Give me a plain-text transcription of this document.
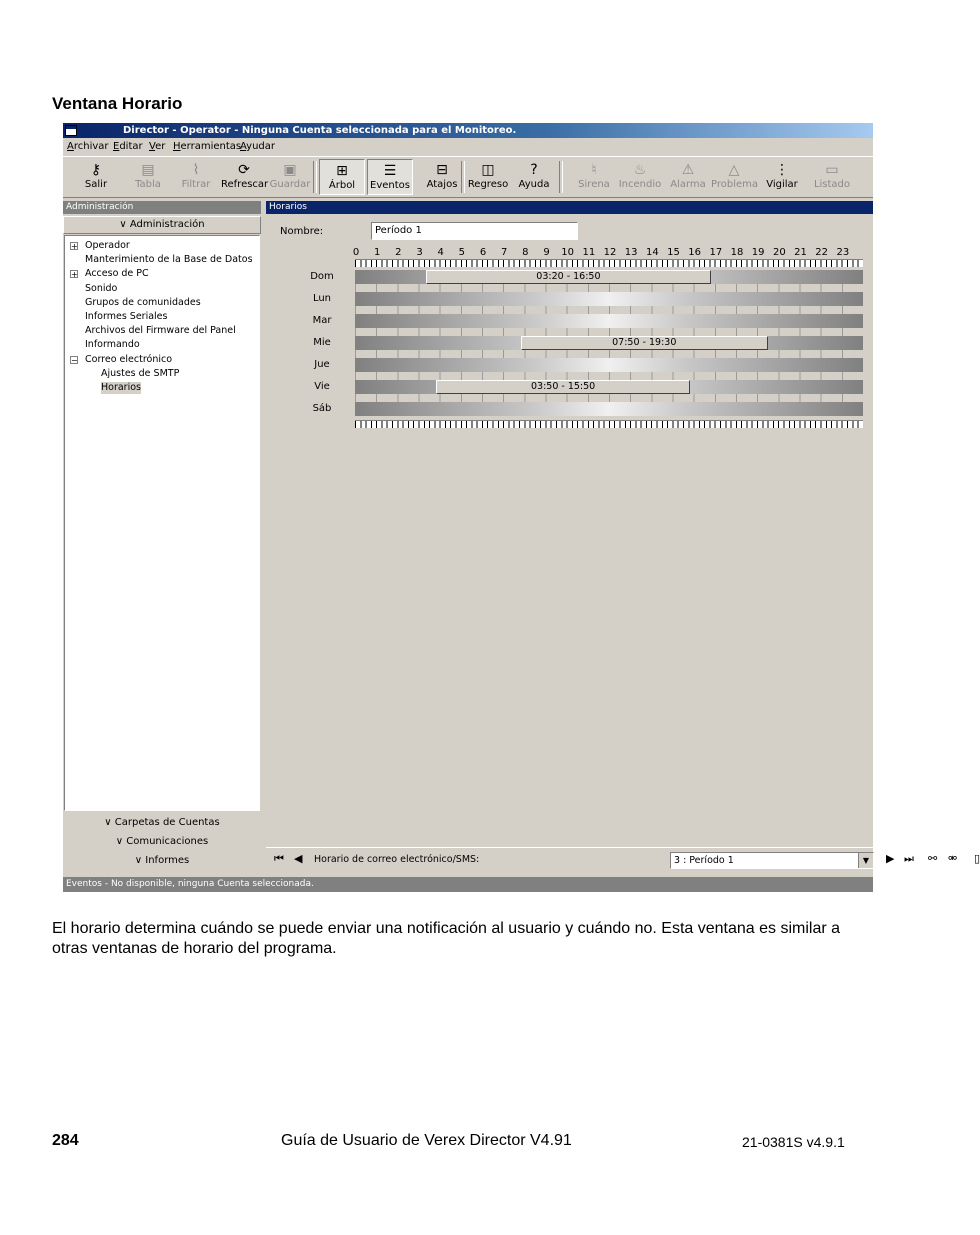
Ventana Horario
Director - Operator - Ninguna Cuenta seleccionada para el Monitoreo.
Archivar Editar Ver Herramientas
Ayudar
⚷
Salir
▤
Tabla
⌇
Filtrar
⟳
Refrescar
▣
Guardar
⊞
Árbol
☰
Eventos
⊟
Atajos
◫
Regreso
?
Ayuda
♮
Sirena
♨
Incendio
⚠
Alarma
△
Problema
⋮
Vigilar
▭
Listado
Administración
∨ Administración
+ Operador
Manterimiento de la Base de Datos
+ Acceso de PC
Sonido
Grupos de comunidades
Informes Seriales
Archivos del Firmware del Panel
Informando
− Correo electrónico
Ajustes de SMTP
Horarios
∨ Carpetas de Cuentas
∨ Comunicaciones
∨ Informes
Horarios
Nombre:	Período 1
0	1	2	3	4	5	6	7	8	9	10 11 12 13 14 15 16 17 18 19 20 21 22 23
Dom	03:20 - 16:50
Lun
Mar
Mie	07:50 - 19:30
Jue
Vie	03:50 - 15:50
Sáb
⏮ ◀ Horario de correo electrónico/SMS:	3 : Período 1	▼	▶ ⏭ ⚯ ⚮ ▯
Eventos - No disponible, ninguna Cuenta seleccionada.
El horario determina cuándo se puede enviar una notificación al usuario y cuándo no. Esta ventana es similar a otras ventanas de horario del programa.
284	Guía de Usuario de Verex Director V4.91	21-0381S v4.9.1
